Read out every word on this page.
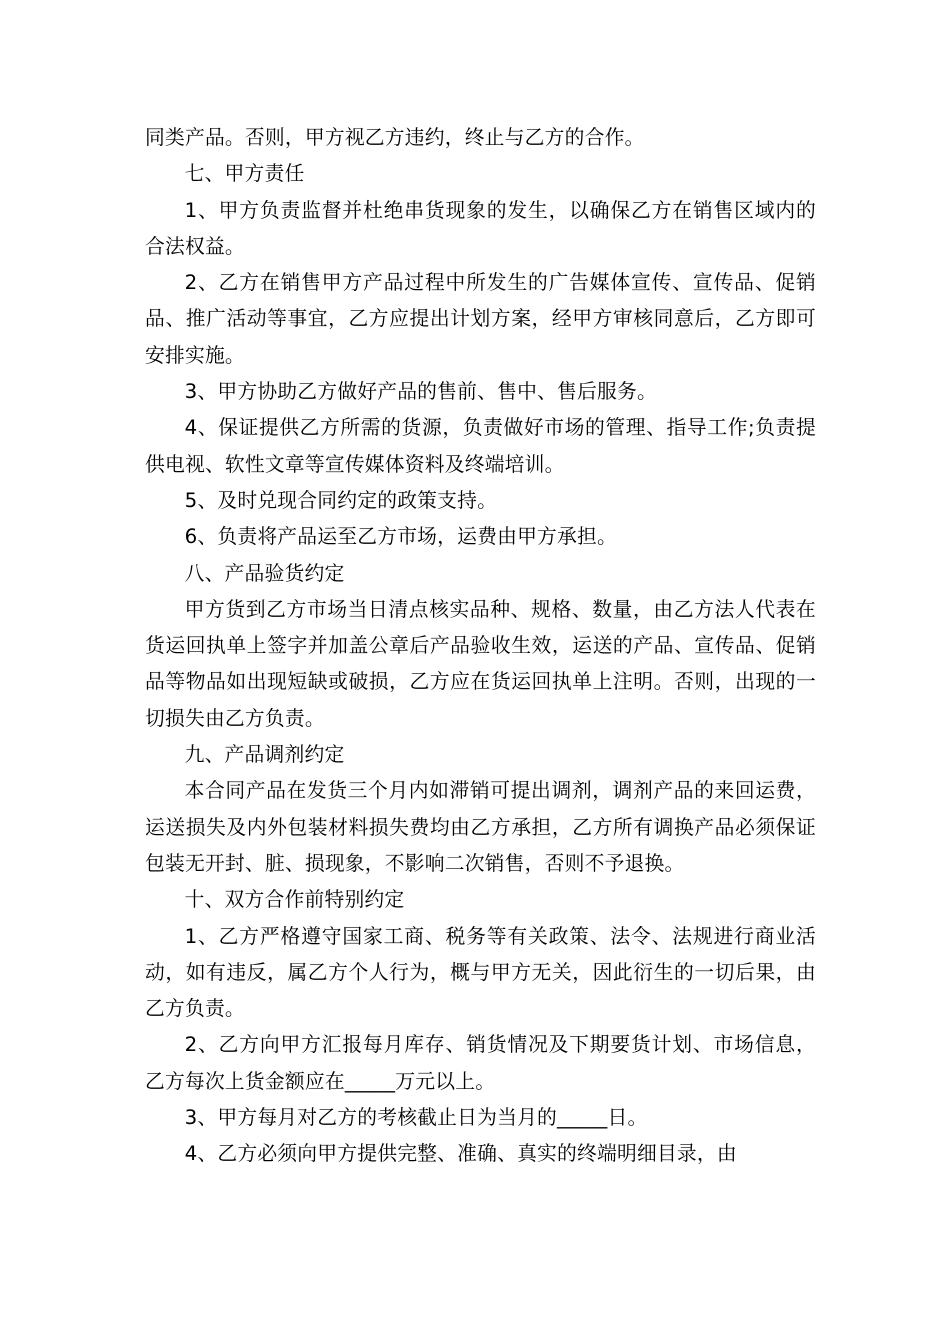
同类产品。否则，甲方视乙方违约，终止与乙方的合作。

七、甲方责任

1、甲方负责监督并杜绝串货现象的发生，以确保乙方在销售区域内的合法权益。

2、乙方在销售甲方产品过程中所发生的广告媒体宣传、宣传品、促销品、推广活动等事宜，乙方应提出计划方案，经甲方审核同意后，乙方即可安排实施。

3、甲方协助乙方做好产品的售前、售中、售后服务。

4、保证提供乙方所需的货源，负责做好市场的管理、指导工作;负责提供电视、软性文章等宣传媒体资料及终端培训。

5、及时兑现合同约定的政策支持。

6、负责将产品运至乙方市场，运费由甲方承担。

八、产品验货约定

甲方货到乙方市场当日清点核实品种、规格、数量，由乙方法人代表在货运回执单上签字并加盖公章后产品验收生效，运送的产品、宣传品、促销品等物品如出现短缺或破损，乙方应在货运回执单上注明。否则，出现的一切损失由乙方负责。

九、产品调剂约定

本合同产品在发货三个月内如滞销可提出调剂，调剂产品的来回运费，运送损失及内外包装材料损失费均由乙方承担，乙方所有调换产品必须保证包装无开封、脏、损现象，不影响二次销售，否则不予退换。

十、双方合作前特别约定

1、乙方严格遵守国家工商、税务等有关政策、法令、法规进行商业活动，如有违反，属乙方个人行为，概与甲方无关，因此衍生的一切后果，由乙方负责。

2、乙方向甲方汇报每月库存、销货情况及下期要货计划、市场信息，乙方每次上货金额应在_____万元以上。

3、甲方每月对乙方的考核截止日为当月的_____日。

4、乙方必须向甲方提供完整、准确、真实的终端明细目录，由
